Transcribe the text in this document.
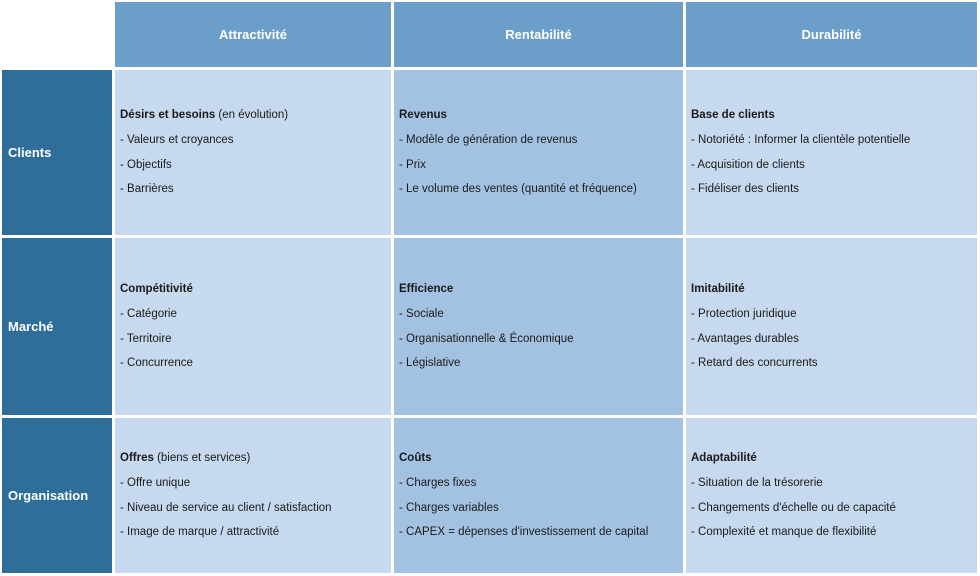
Attractivité	Rentabilité	Durabilité
Clients
Marché
Organisation
Désirs et besoins (en évolution)
- Valeurs et croyances
- Objectifs
- Barrières
Revenus
- Modèle de génération de revenus
- Prix
- Le volume des ventes (quantité et fréquence)
Base de clients
- Notoriété : Informer la clientèle potentielle
- Acquisition de clients
- Fidéliser des clients
Compétitivité
- Catégorie
- Territoire
- Concurrence
Efficience
- Sociale
- Organisationnelle & Économique
- Législative
Imitabilité
- Protection juridique
- Avantages durables
- Retard des concurrents
Offres (biens et services)
- Offre unique
- Niveau de service au client / satisfaction
- Image de marque / attractivité
Coûts
- Charges fixes
- Charges variables
- CAPEX = dépenses d'investissement de capital
Adaptabilité
- Situation de la trésorerie
- Changements d'échelle ou de capacité
- Complexité et manque de flexibilité
